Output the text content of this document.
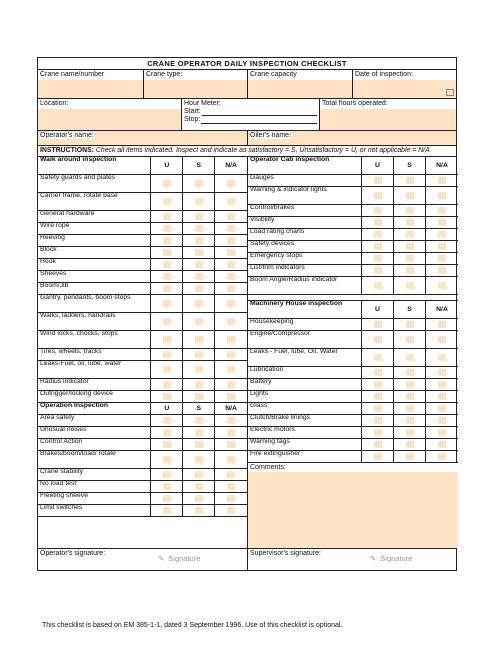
CRANE OPERATOR DAILY INSPECTION CHECKLIST
Crane name/number	Crane type:	Crane capacity	Date of inspection:
Location:	Hour Meter:
Start:
Stop:
Total hours operated:
Operator's name:	Oiler's name:
INSTRUCTIONS: Check all items indicated. Inspect and indicate as satisfactory = S, Unsatisfactory = U, or not applicable = N/A
Walk around inspection
U	S	N/A
Safety guards and plates
Carrier frame, rotate base
General hardware
Wire rope
Reeving
Block
Hook
Sheeves
Boom/Jib
Gantry, pendants, boom stops
Walks, ladders, handrails
Wind locks, chocks, stops
Tires, wheels, tracks
Leaks-Fuel, oil, lube, water
Radius indicator
Outrigger/locking device
Operation Inspection	U	S	N/A
Area safety
Unusual noises
Control Action
Brakes/boom/load/ rotate
Crane stability
No load test
Fleeting sheeve
Limit switches
Operator Cab inspection
U	S	N/A
Gauges
Warning & indicator lights
Control/brakes
Visibility
Load rating charts
Safety devices
Emergency stops
List/trim indicators
Boom Angle/Radius indicator
Machinery House inspection
U	S	N/A
Housekeeping
Engine/Compressor
Leaks - Fuel, lube, Oil, Water
Lubrication
Battery
Lights
Glass
Clutch/Brake linings
Electric motors
Warning tags
Fire extinguisher
Comments:
Operator's signature:
✎ Signature
Supervisor's signature:
✎ Signature
This checklist is based on EM 385-1-1, dated 3 September 1996. Use of this checklist is optional.
